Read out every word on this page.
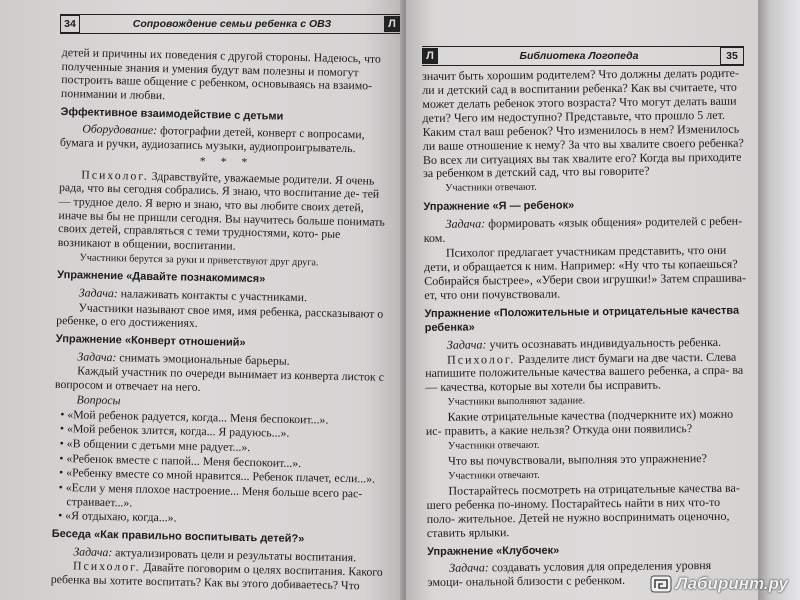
34	Сопровождение семьи ребенка с ОВЗ	Л

детей и причины их поведения с другой стороны. Надеюсь, что полученные знания и умения будут вам полезны и помогут построить ваше общение с ребенком, основываясь на взаимо- понимании и любви.

Эффективное взаимодействие с детьми

Оборудование: фотографии детей, конверт с вопросами, бумага и ручки, аудиозапись музыки, аудиопроигрыватель.

* * *

Психолог. Здравствуйте, уважаемые родители. Я очень рада, что вы сегодня собрались. Я знаю, что воспитание де- тей — трудное дело. Я верю и знаю, что вы любите своих детей, иначе вы бы не пришли сегодня. Вы научитесь больше понимать своих детей, справляться с теми трудностями, кото- рые возникают в общении, воспитании.

Участники берутся за руки и приветствуют друг друга.

Упражнение «Давайте познакомимся»

Задача: налаживать контакты с участниками.

Участники называют свое имя, имя ребенка, рассказывают о ребенке, о его достижениях.

Упражнение «Конверт отношений»

Задача: снимать эмоциональные барьеры.

Каждый участник по очереди вынимает из конверта листок с вопросом и отвечает на него.

Вопросы

• «Мой ребенок радуется, когда... Меня беспокоит...».

• «Мой ребенок злится, когда... Я радуюсь...».

• «В общении с детьми мне радует...».

• «Ребенок вместе с папой... Меня беспокоит...».

• «Ребенку вместе со мной нравится... Ребенок плачет, если...».

• «Если у меня плохое настроение... Меня больше всего рас- страивает...».

• «Я отдыхаю, когда...».

Беседа «Как правильно воспитывать детей?»

Задача: актуализировать цели и результаты воспитания.

Психолог. Давайте поговорим о целях воспитания. Какого ребенка вы хотите воспитать? Как вы этого добиваетесь? Что

Л	Библиотека Логопеда	35

значит быть хорошим родителем? Что должны делать родите- ли и детский сад в воспитании ребенка? Как вы считаете, что может делать ребенок этого возраста? Что могут делать ваши дети? Чего им недоступно? Представьте, что прошло 5 лет. Каким стал ваш ребенок? Что изменилось в нем? Изменилось ли ваше отношение к нему? За что вы хвалите своего ребенка? Во всех ли ситуациях вы так хвалите его? Когда вы приходите за ребенком в детский сад, что вы говорите?

Участники отвечают.

Упражнение «Я — ребенок»

Задача: формировать «язык общения» родителей с ребен- ком.

Психолог предлагает участникам представить, что они дети, и обращается к ним. Например: «Ну что ты копаешься? Собирайся быстрее», «Убери свои игрушки!» Затем спрашива- ет, что они почувствовали.

Упражнение «Положительные и отрицательные качества ребенка»

Задача: учить осознавать индивидуальность ребенка.

Психолог. Разделите лист бумаги на две части. Слева напишите положительные качества вашего ребенка, а спра- ва — качества, которые вы хотели бы исправить.

Участники выполняют задание.

Какие отрицательные качества (подчеркните их) можно ис- править, а какие нельзя? Откуда они появились?

Участники отвечают.

Что вы почувствовали, выполняя это упражнение?

Участники отвечают.

Постарайтесь посмотреть на отрицательные качества ва- шего ребенка по-иному. Постарайтесь найти в них что-то поло- жительное. Детей не нужно воспринимать оценочно, ставить ярлыки.

Упражнение «Клубочек»

Задача: создавать условия для определения уровня эмоци- ональной близости с ребенком.	Лабиринт.ру
